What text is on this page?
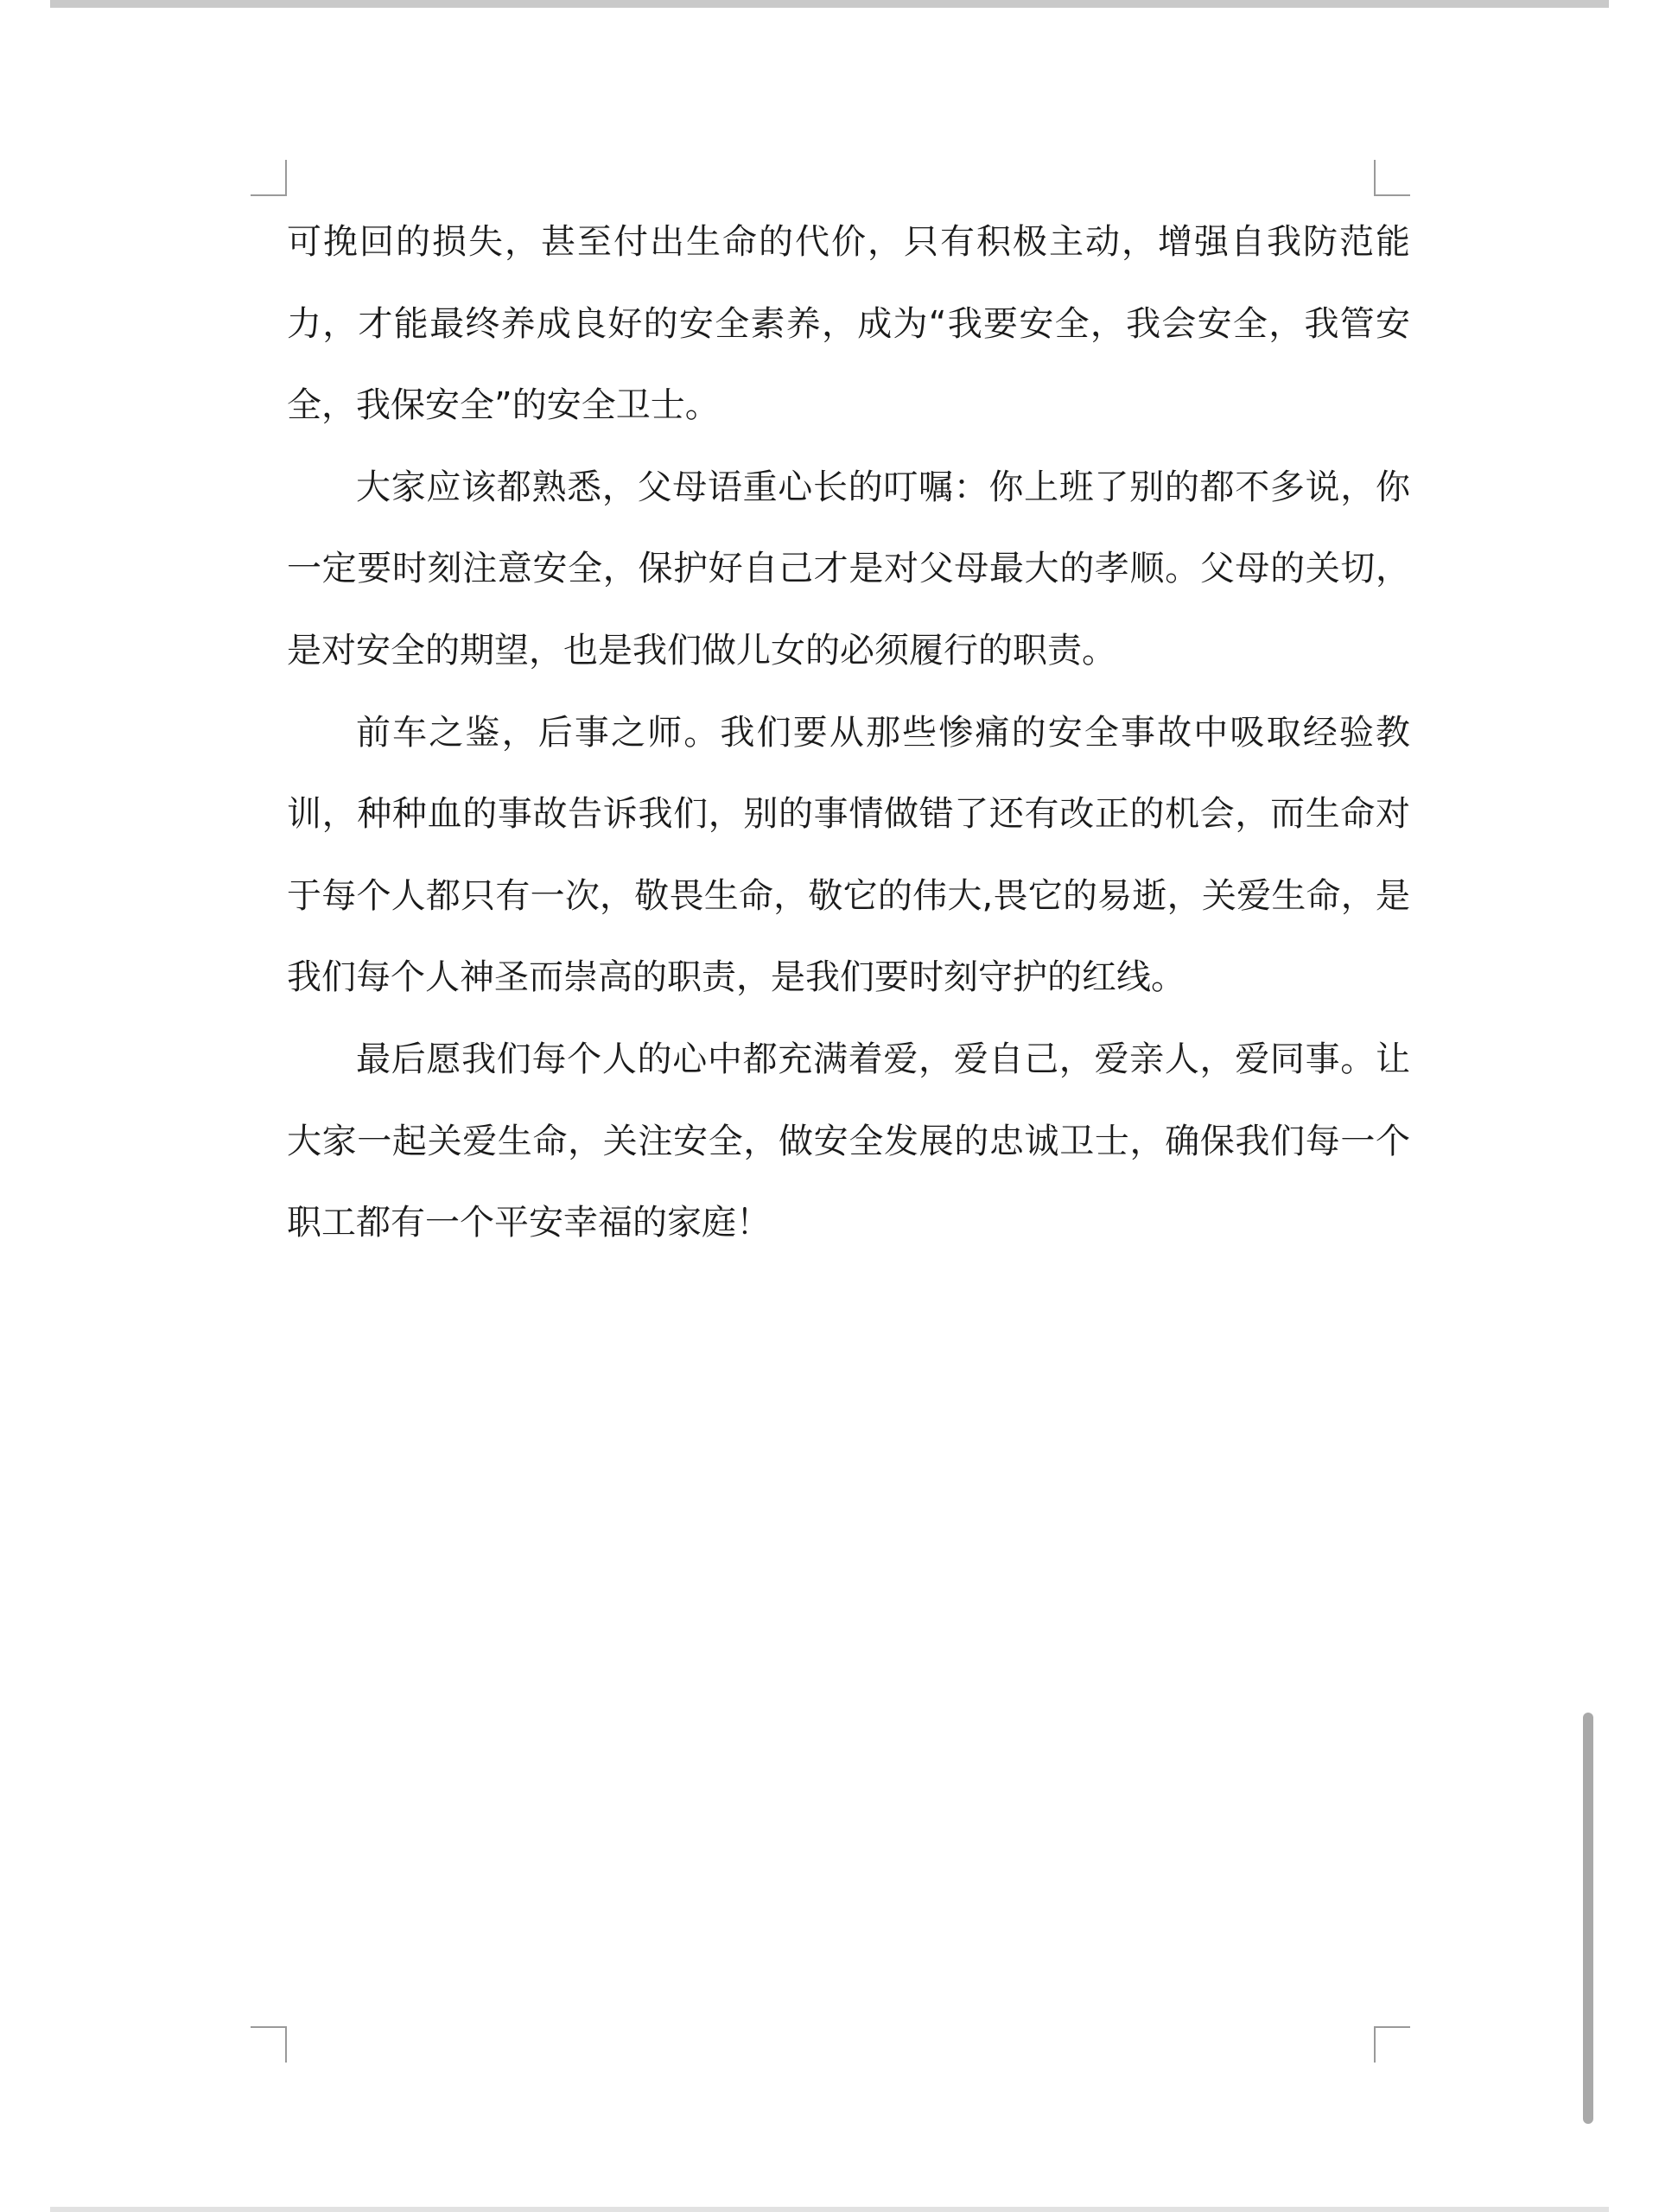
可挽回的损失，甚至付出生命的代价，只有积极主动，增强自我防范能力，才能最终养成良好的安全素养，成为“我要安全，我会安全，我管安全，我保安全”的安全卫士。

大家应该都熟悉，父母语重心长的叮嘱：你上班了别的都不多说，你一定要时刻注意安全，保护好自己才是对父母最大的孝顺。父母的关切，是对安全的期望，也是我们做儿女的必须履行的职责。

前车之鉴，后事之师。我们要从那些惨痛的安全事故中吸取经验教训，种种血的事故告诉我们，别的事情做错了还有改正的机会，而生命对于每个人都只有一次，敬畏生命，敬它的伟大,畏它的易逝，关爱生命，是我们每个人神圣而崇高的职责，是我们要时刻守护的红线。

最后愿我们每个人的心中都充满着爱，爱自己，爱亲人，爱同事。让大家一起关爱生命，关注安全，做安全发展的忠诚卫士，确保我们每一个职工都有一个平安幸福的家庭！
